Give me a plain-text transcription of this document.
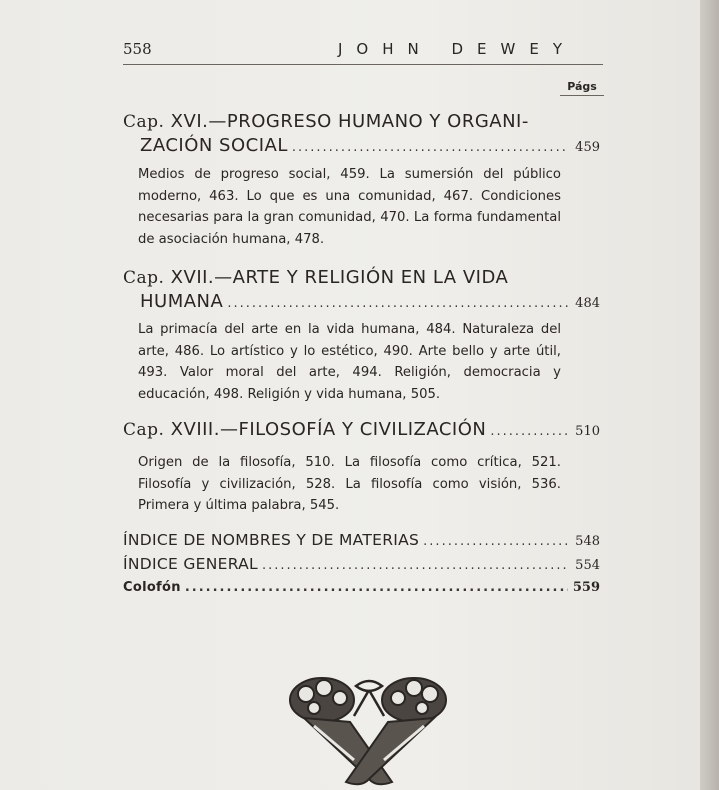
558	JOHN DEWEY
Págs
Cap.
XVI.—PROGRESO HUMANO Y ORGANI-
ZACIÓN SOCIAL .....	459
Medios de progreso social, 459. La sumersión del público moderno, 463. Lo que es una comunidad, 467. Condiciones necesarias para la gran comunidad, 470. La forma fundamental de asociación humana, 478.
Cap.
XVII.—ARTE Y RELIGIÓN EN LA VIDA
HUMANA .....	484
La primacía del arte en la vida humana, 484. Naturaleza del arte, 486. Lo artístico y lo estético, 490. Arte bello y arte útil, 493. Valor moral del arte, 494. Religión, democracia y educación, 498. Religión y vida humana, 505.
Cap.
XVIII.—FILOSOFÍA Y CIVILIZACIÓN .....	510
Origen de la filosofía, 510. La filosofía como crítica, 521. Filosofía y civilización, 528. La filosofía como visión, 536. Primera y última palabra, 545.
ÍNDICE DE NOMBRES Y DE MATERIAS .....	548
ÍNDICE GENERAL .....	554
Colofón .....	559
